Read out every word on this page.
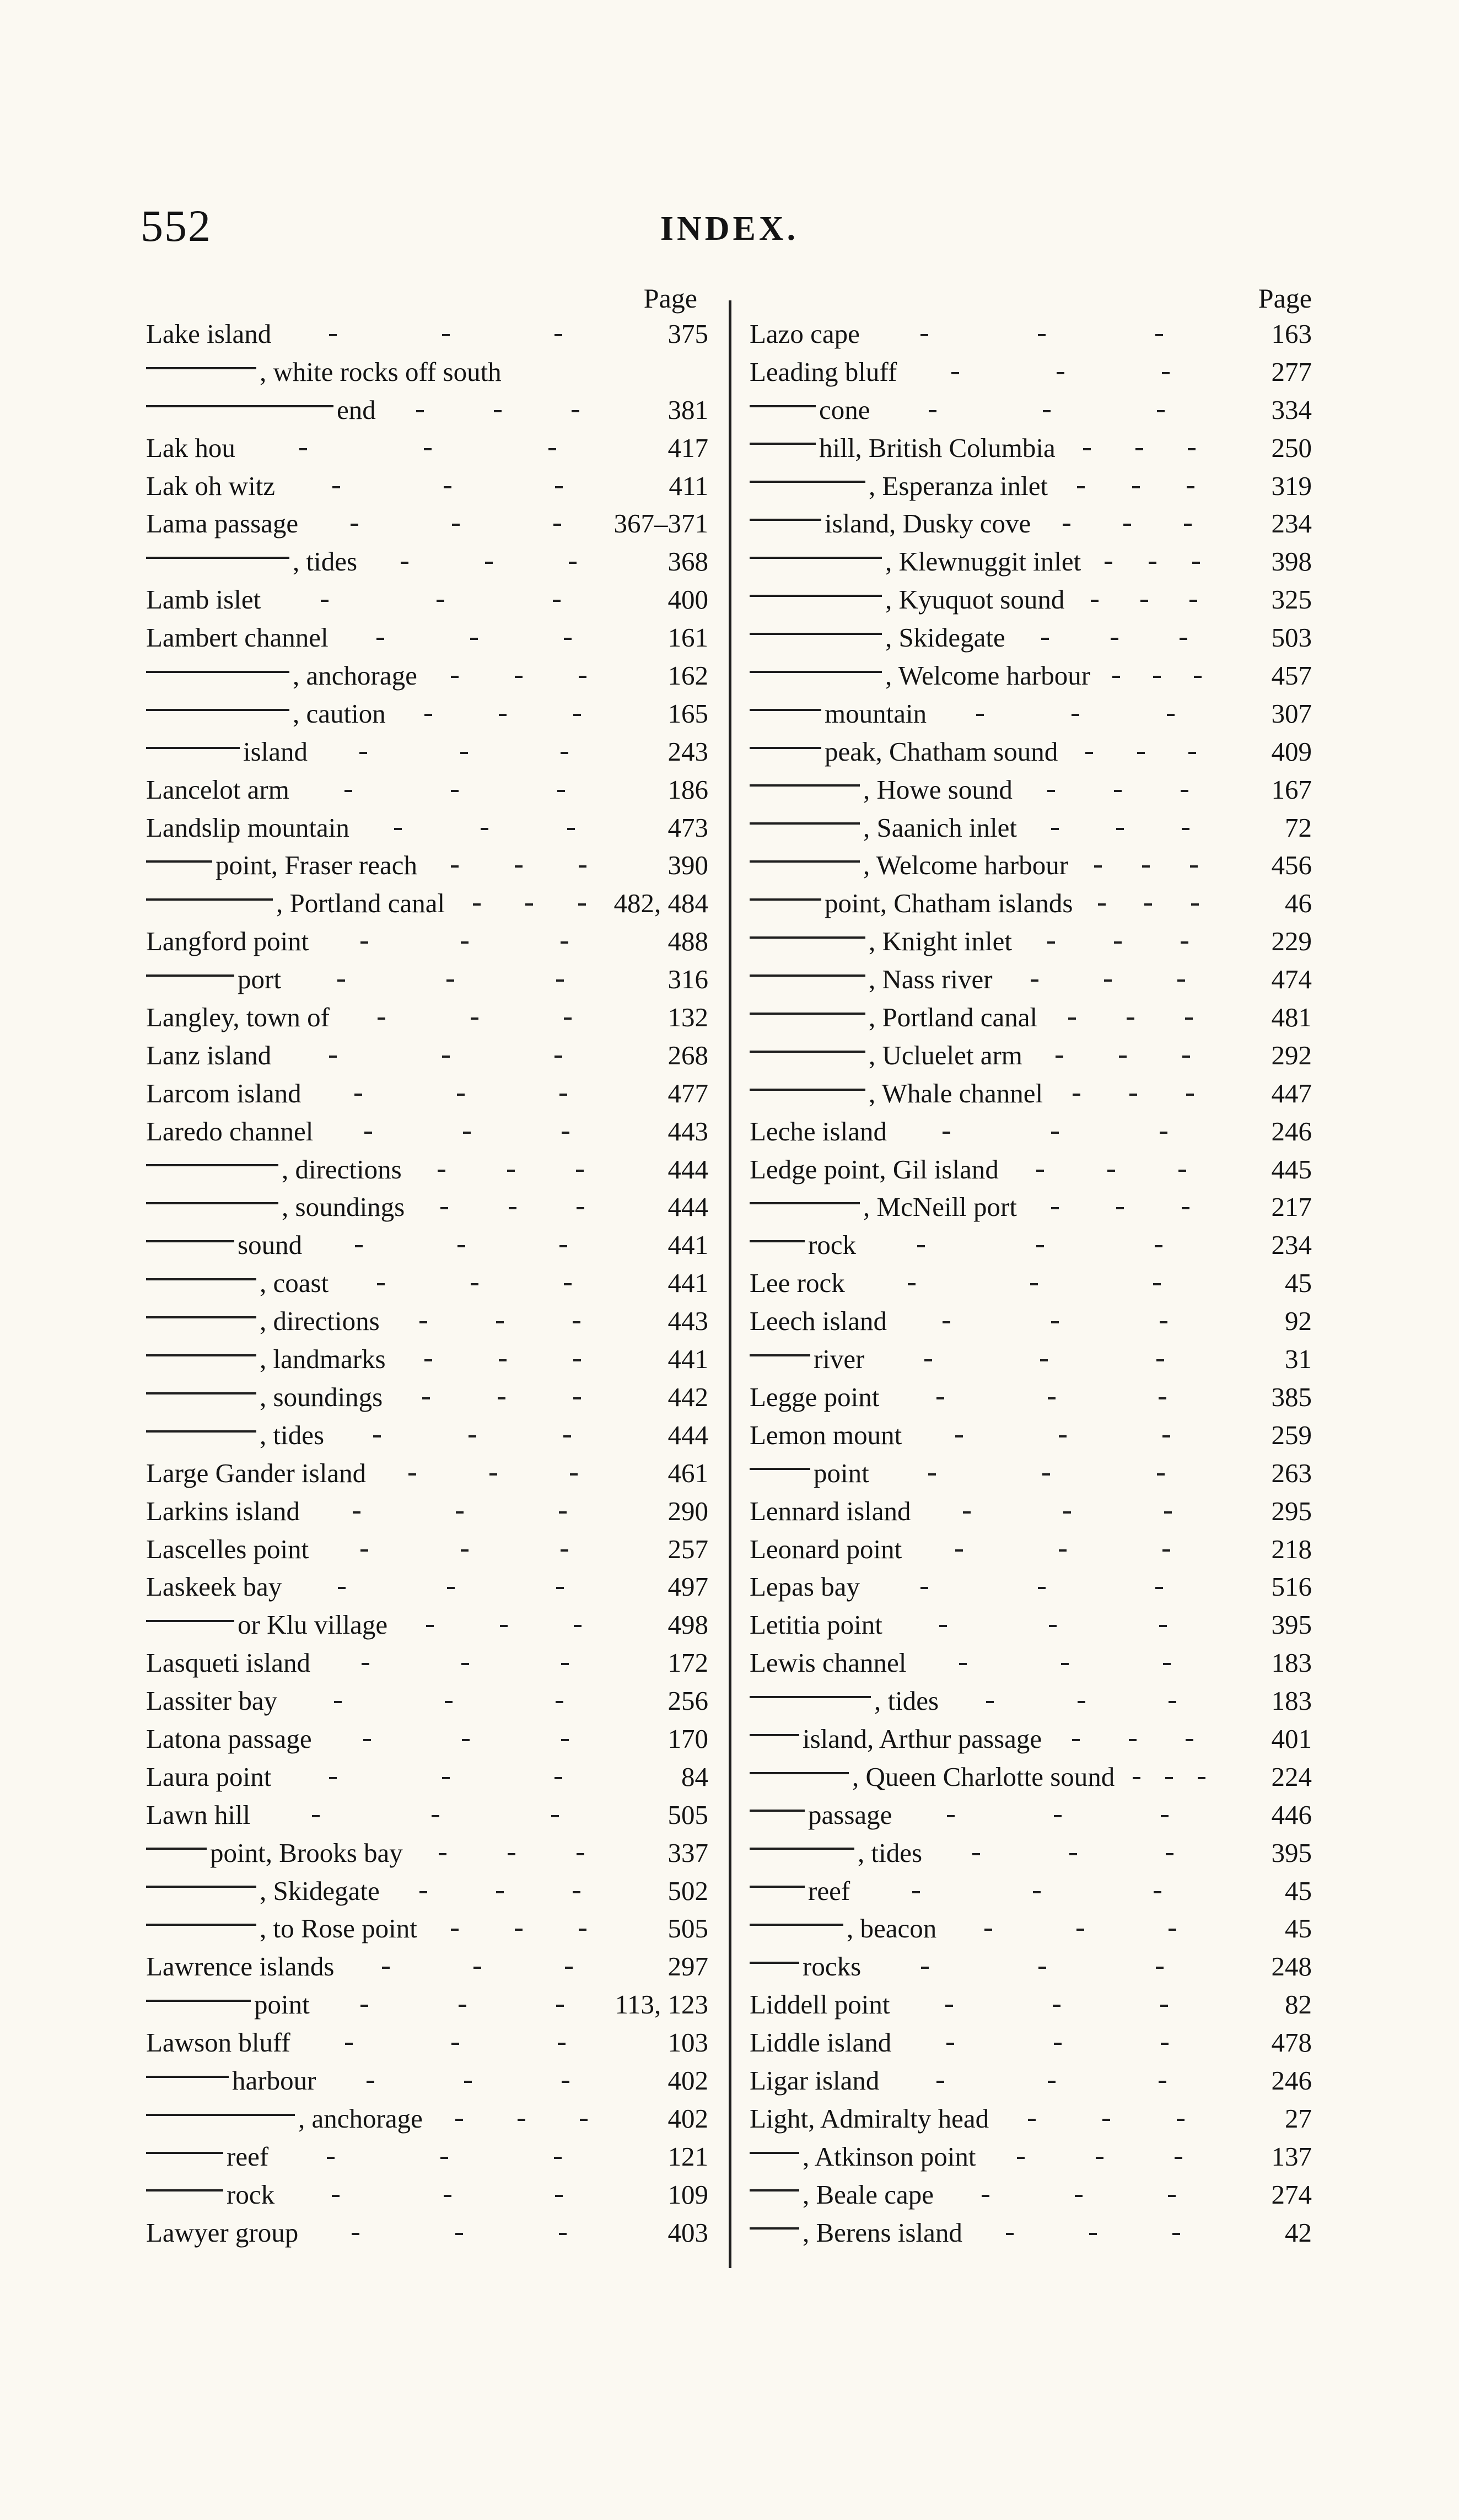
552	INDEX.
Page
Lake island	375
, white rocks off south
end	381
Lak hou	417
Lak oh witz	411
Lama passage	367–371
, tides	368
Lamb islet	400
Lambert channel	161
, anchorage	162
, caution	165
island	243
Lancelot arm	186
Landslip mountain	473
point, Fraser reach	390
, Portland canal	482, 484
Langford point	488
port	316
Langley, town of	132
Lanz island	268
Larcom island	477
Laredo channel	443
, directions	444
, soundings	444
sound	441
, coast	441
, directions	443
, landmarks	441
, soundings	442
, tides	444
Large Gander island	461
Larkins island	290
Lascelles point	257
Laskeek bay	497
or Klu village	498
Lasqueti island	172
Lassiter bay	256
Latona passage	170
Laura point	84
Lawn hill	505
point, Brooks bay	337
, Skidegate	502
, to Rose point	505
Lawrence islands	297
point	113, 123
Lawson bluff	103
harbour	402
, anchorage	402
reef	121
rock	109
Lawyer group	403
Page
Lazo cape	163
Leading bluff	277
cone	334
hill, British Columbia	250
, Esperanza inlet	319
island, Dusky cove	234
, Klewnuggit inlet	398
, Kyuquot sound	325
, Skidegate	503
, Welcome harbour	457
mountain	307
peak, Chatham sound	409
, Howe sound	167
, Saanich inlet	72
, Welcome harbour	456
point, Chatham islands	46
, Knight inlet	229
, Nass river	474
, Portland canal	481
, Ucluelet arm	292
, Whale channel	447
Leche island	246
Ledge point, Gil island	445
, McNeill port	217
rock	234
Lee rock	45
Leech island	92
river	31
Legge point	385
Lemon mount	259
point	263
Lennard island	295
Leonard point	218
Lepas bay	516
Letitia point	395
Lewis channel	183
, tides	183
island, Arthur passage	401
, Queen Charlotte sound	224
passage	446
, tides	395
reef	45
, beacon	45
rocks	248
Liddell point	82
Liddle island	478
Ligar island	246
Light, Admiralty head	27
, Atkinson point	137
, Beale cape	274
, Berens island	42
